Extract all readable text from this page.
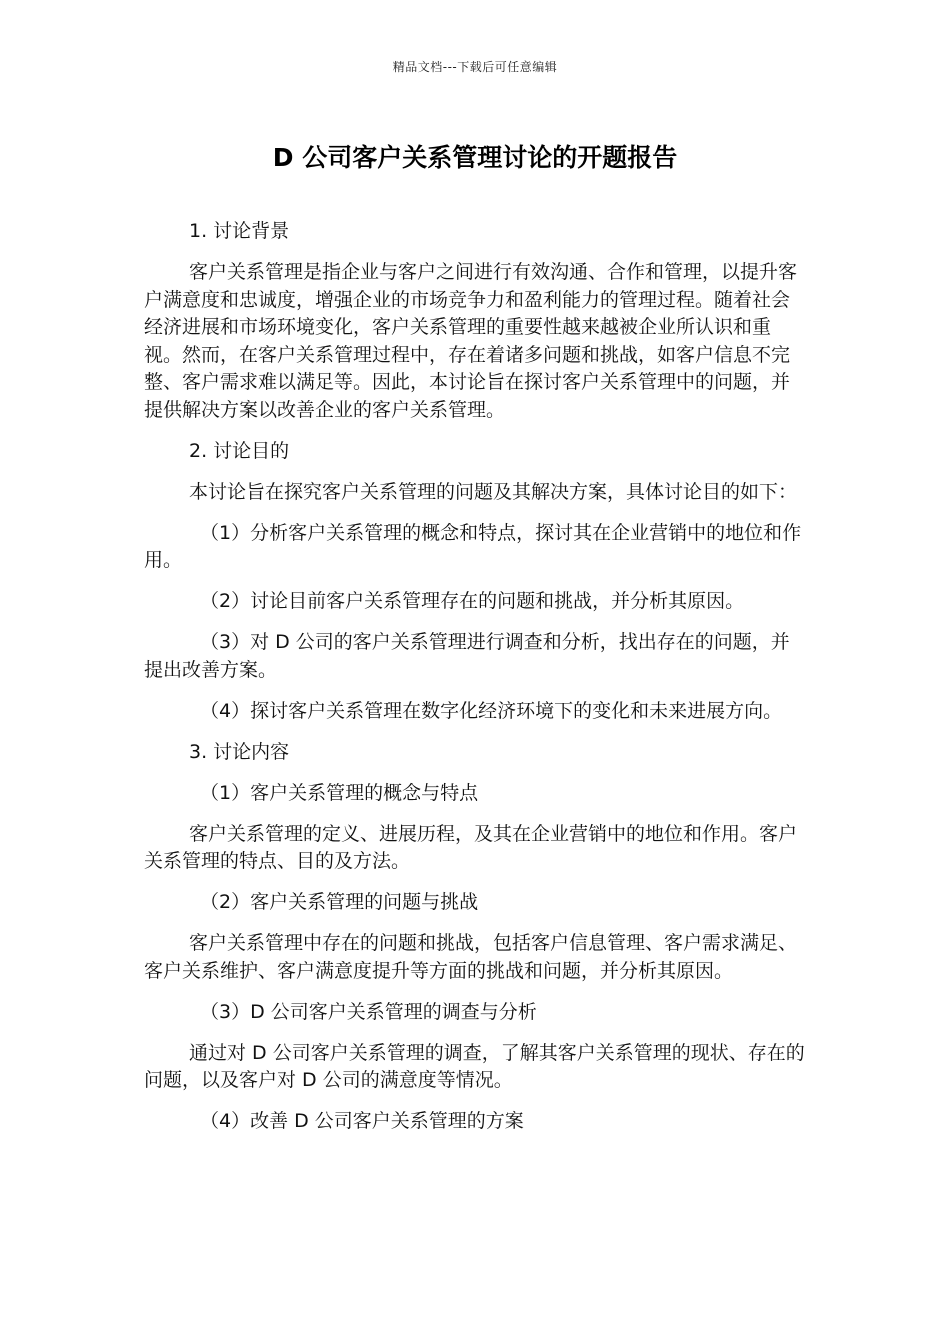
精品文档---下载后可任意编辑
D 公司客户关系管理讨论的开题报告

1. 讨论背景

客户关系管理是指企业与客户之间进行有效沟通、合作和管理，以提升客户满意度和忠诚度，增强企业的市场竞争力和盈利能力的管理过程。随着社会经济进展和市场环境变化，客户关系管理的重要性越来越被企业所认识和重视。然而，在客户关系管理过程中，存在着诸多问题和挑战，如客户信息不完整、客户需求难以满足等。因此，本讨论旨在探讨客户关系管理中的问题，并提供解决方案以改善企业的客户关系管理。

2. 讨论目的

本讨论旨在探究客户关系管理的问题及其解决方案，具体讨论目的如下：

（1）分析客户关系管理的概念和特点，探讨其在企业营销中的地位和作用。

（2）讨论目前客户关系管理存在的问题和挑战，并分析其原因。

（3）对 D 公司的客户关系管理进行调查和分析，找出存在的问题，并提出改善方案。

（4）探讨客户关系管理在数字化经济环境下的变化和未来进展方向。

3. 讨论内容

（1）客户关系管理的概念与特点

客户关系管理的定义、进展历程，及其在企业营销中的地位和作用。客户关系管理的特点、目的及方法。

（2）客户关系管理的问题与挑战

客户关系管理中存在的问题和挑战，包括客户信息管理、客户需求满足、客户关系维护、客户满意度提升等方面的挑战和问题，并分析其原因。

（3）D 公司客户关系管理的调查与分析

通过对 D 公司客户关系管理的调查，了解其客户关系管理的现状、存在的问题，以及客户对 D 公司的满意度等情况。

（4）改善 D 公司客户关系管理的方案
